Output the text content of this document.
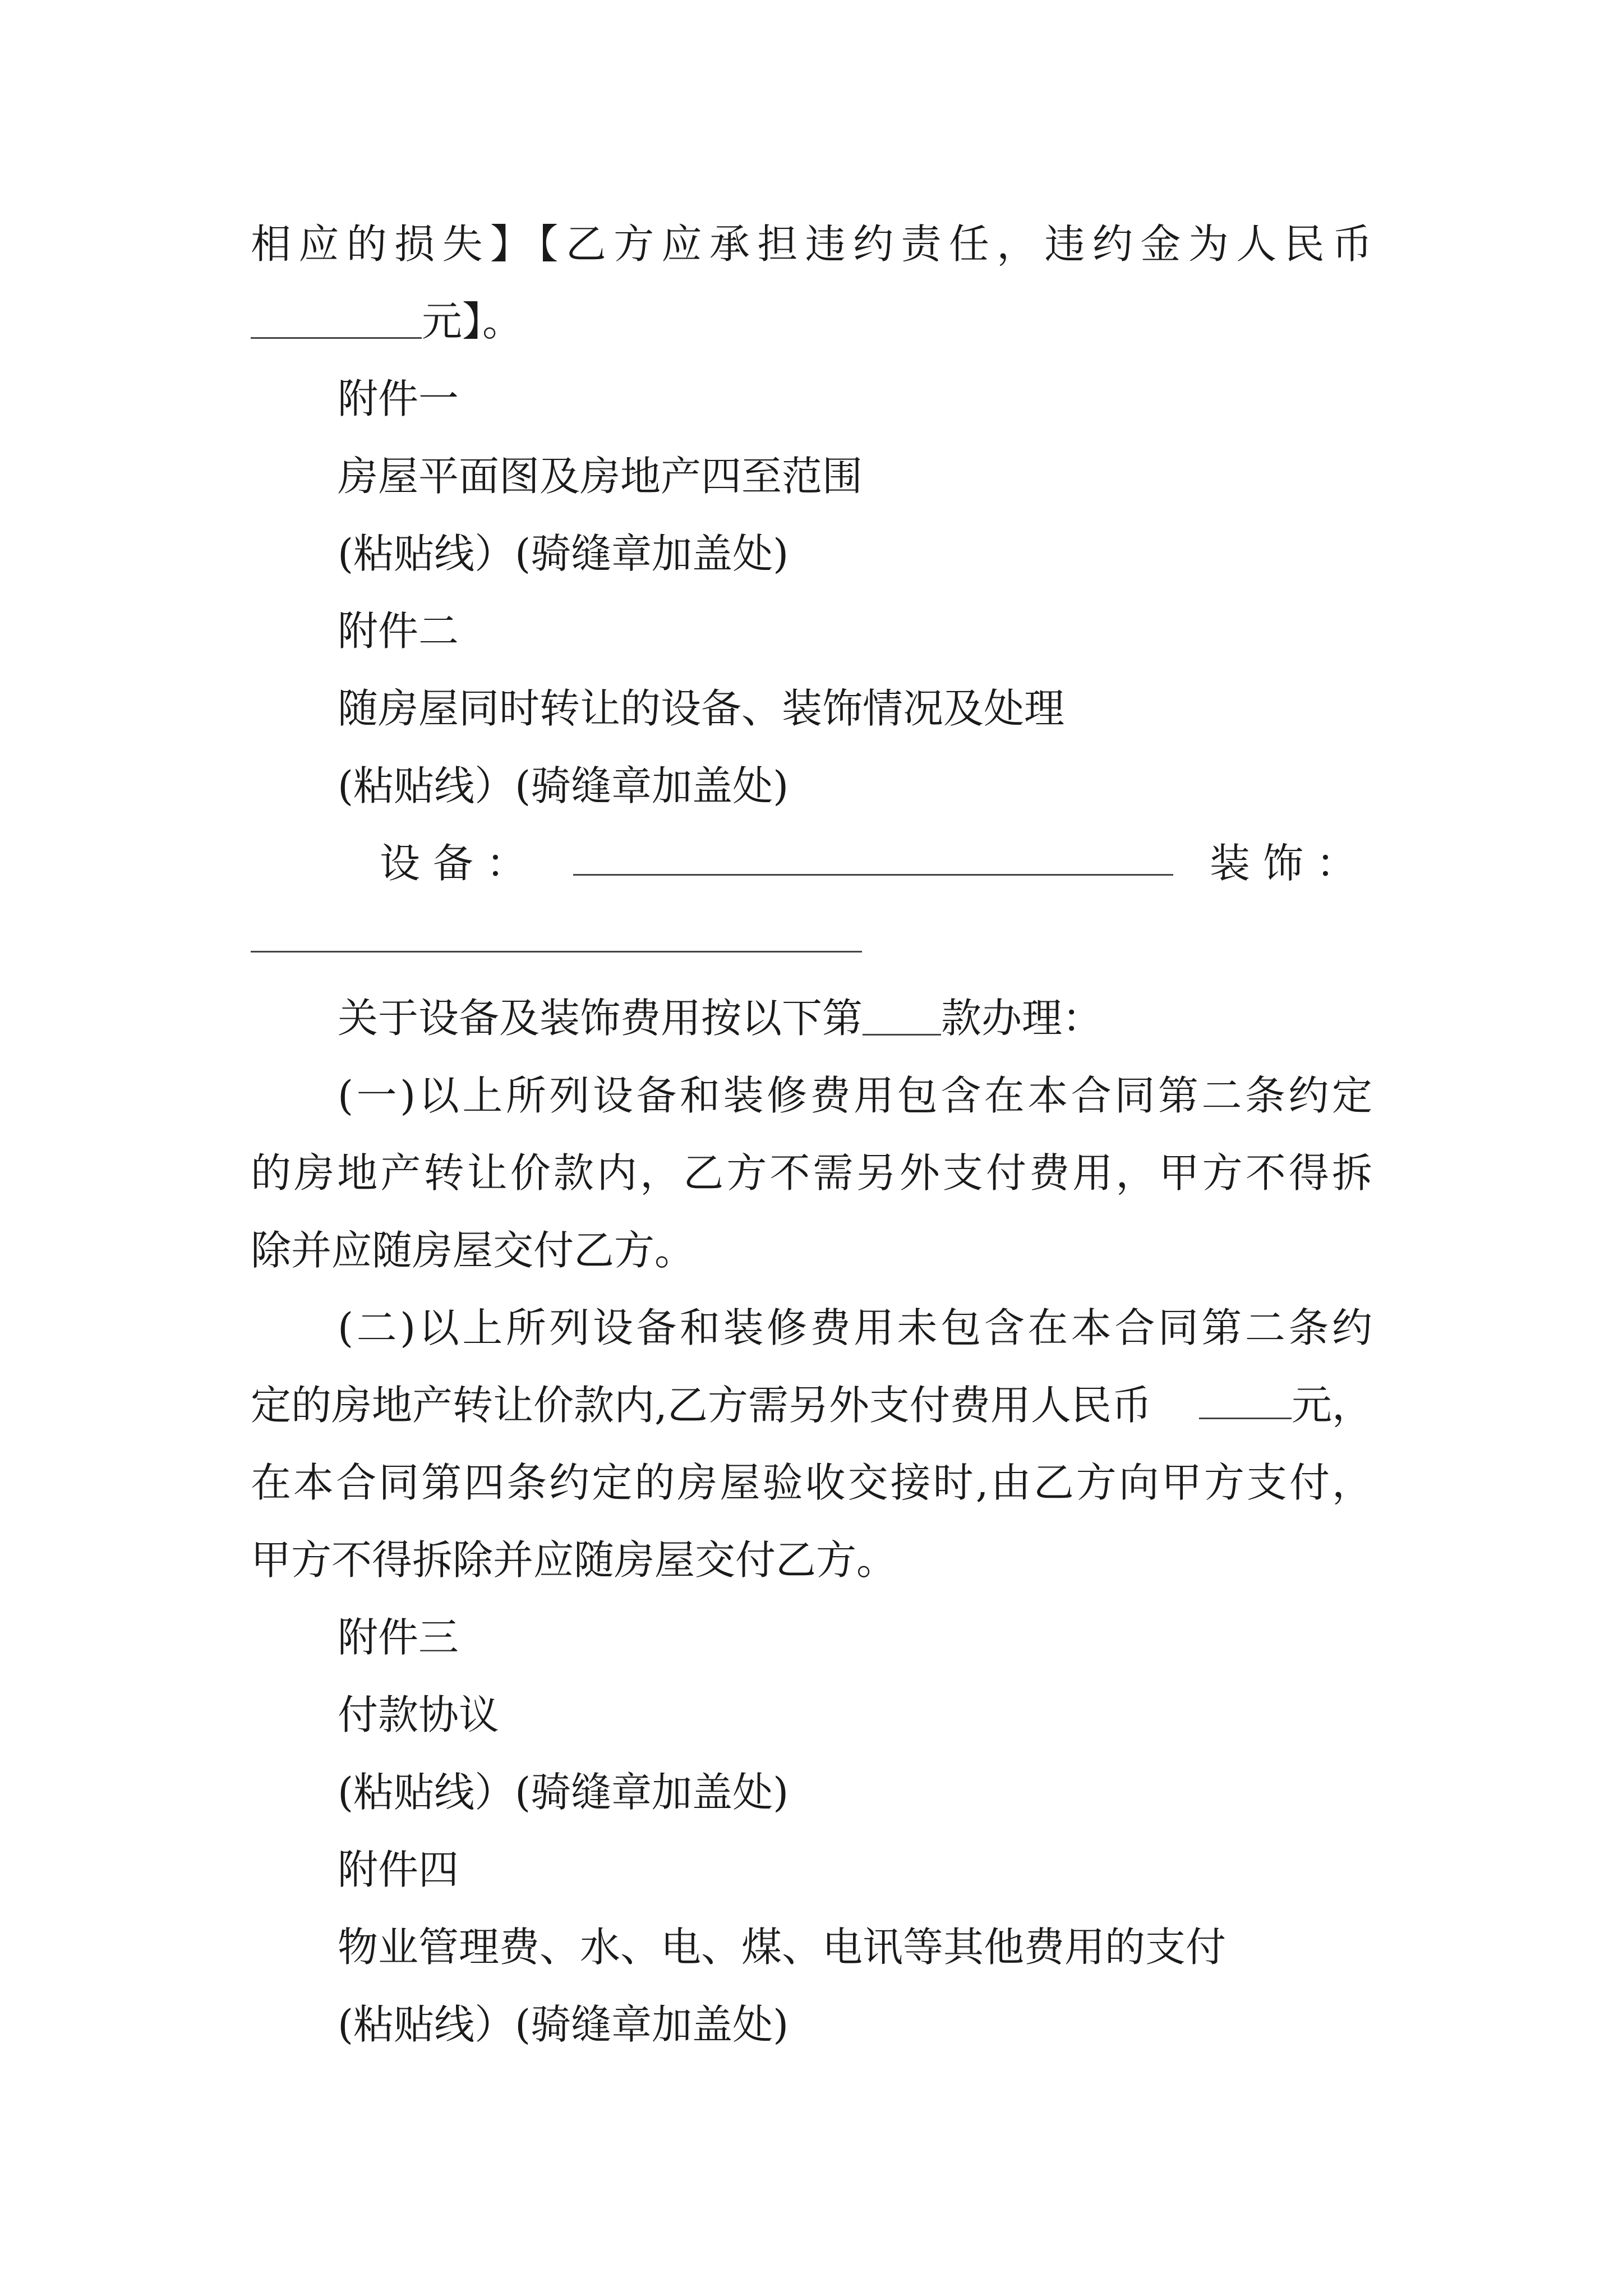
相应的损失】【乙方应承担违约责任，违约金为人民币
元】。
附件一
房屋平面图及房地产四至范围
(粘贴线）(骑缝章加盖处)
附件二
随房屋同时转让的设备、装饰情况及处理
(粘贴线）(骑缝章加盖处)
设 备 ：	装 饰 ：
关于设备及装饰费用按以下第 款办理：
(一)以上所列设备和装修费用包含在本合同第二条约定
的房地产转让价款内，乙方不需另外支付费用，甲方不得拆
除并应随房屋交付乙方。
(二)以上所列设备和装修费用未包含在本合同第二条约
定的房地产转让价款内,乙方需另外支付费用人民币	元，
在本合同第四条约定的房屋验收交接时,由乙方向甲方支付，
甲方不得拆除并应随房屋交付乙方。
附件三
付款协议
(粘贴线）(骑缝章加盖处)
附件四
物业管理费、水、电、煤、电讯等其他费用的支付
(粘贴线）(骑缝章加盖处)
